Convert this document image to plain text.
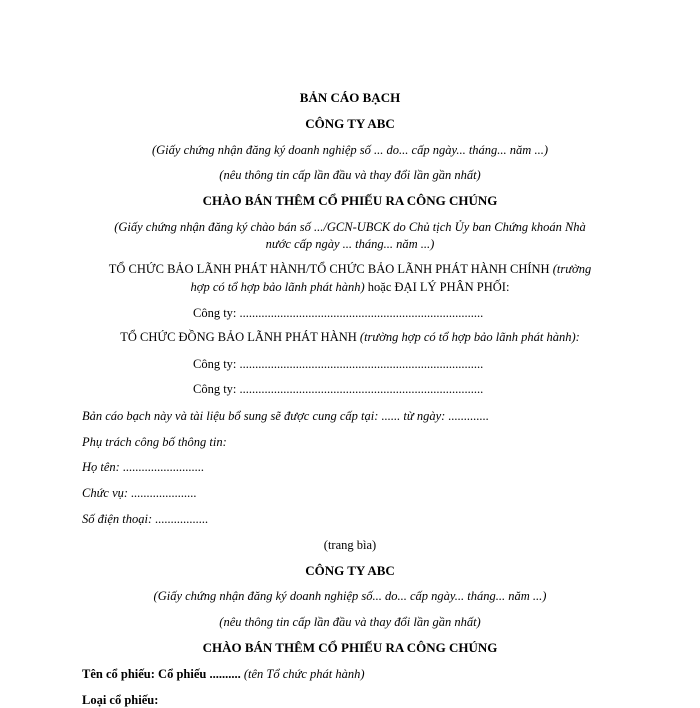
BẢN CÁO BẠCH
CÔNG TY ABC
(Giấy chứng nhận đăng ký doanh nghiệp số ... do... cấp ngày... tháng... năm ...)
(nêu thông tin cấp lần đầu và thay đổi lần gần nhất)
CHÀO BÁN THÊM CỔ PHIẾU RA CÔNG CHÚNG
(Giấy chứng nhận đăng ký chào bán số .../GCN-UBCK do Chủ tịch Ủy ban Chứng khoán Nhà
nước cấp ngày ... tháng... năm ...)
TỔ CHỨC BẢO LÃNH PHÁT HÀNH/TỔ CHỨC BẢO LÃNH PHÁT HÀNH CHÍNH (trường
hợp có tổ hợp bảo lãnh phát hành) hoặc ĐẠI LÝ PHÂN PHỐI:
Công ty: ..............................................................................
TỔ CHỨC ĐỒNG BẢO LÃNH PHÁT HÀNH (trường hợp có tổ hợp bảo lãnh phát hành):
Công ty: ..............................................................................
Công ty: ..............................................................................
Bản cáo bạch này và tài liệu bổ sung sẽ được cung cấp tại: ...... từ ngày: .............
Phụ trách công bố thông tin:
Họ tên: ..........................
Chức vụ: .....................
Số điện thoại: .................
(trang bìa)
CÔNG TY ABC
(Giấy chứng nhận đăng ký doanh nghiệp số... do... cấp ngày... tháng... năm ...)
(nêu thông tin cấp lần đầu và thay đổi lần gần nhất)
CHÀO BÁN THÊM CỔ PHIẾU RA CÔNG CHÚNG
Tên cổ phiếu: Cổ phiếu .......... (tên Tổ chức phát hành)
Loại cổ phiếu:
